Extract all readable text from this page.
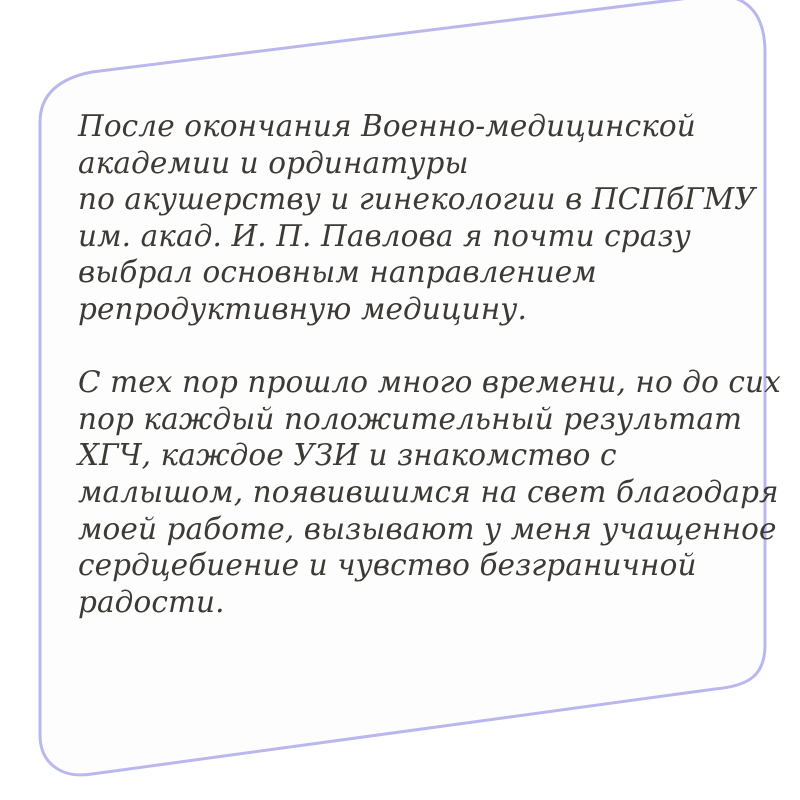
После окончания Военно-медицинской
академии и ординатуры
по акушерству и гинекологии в ПСПбГМУ
им. акад. И. П. Павлова я почти сразу
выбрал основным направлением
репродуктивную медицину.

С тех пор прошло много времени, но до сих
пор каждый положительный результат
ХГЧ, каждое УЗИ и знакомство с
малышом, появившимся на свет благодаря
моей работе, вызывают у меня учащенное
сердцебиение и чувство безграничной
радости.
